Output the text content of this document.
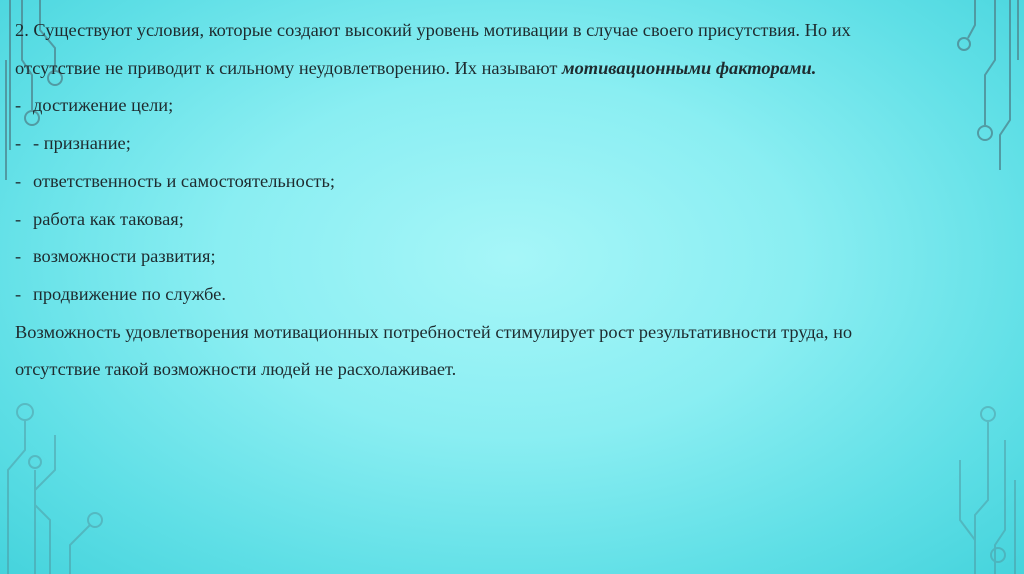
2. Существуют условия, которые создают высокий уровень мотивации в случае своего присутствия. Но их
отсутствие не приводит к сильному неудовлетворению. Их называют мотивационными факторами.
- достижение цели;
- - признание;
- ответственность и самостоятельность;
- работа как таковая;
- возможности развития;
- продвижение по службе.
Возможность удовлетворения мотивационных потребностей стимулирует рост результативности труда, но
отсутствие такой возможности людей не расхолаживает.
